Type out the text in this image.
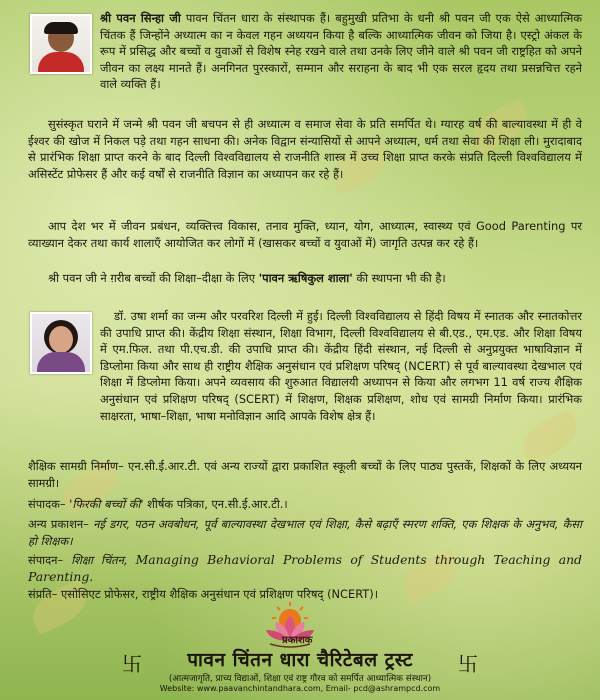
श्री पवन सिन्हा जी पावन चिंतन धारा के संस्थापक हैं। बहुमुखी प्रतिभा के धनी श्री पवन जी एक ऐसे आध्यात्मिक चिंतक हैं जिन्होंने अध्यात्म का न केवल गहन अध्ययन किया है बल्कि आध्यात्मिक जीवन को जिया है। एस्ट्रो अंकल के रूप में प्रसिद्ध और बच्चों व युवाओं से विशेष स्नेह रखने वाले तथा उनके लिए जीने वाले श्री पवन जी राष्ट्रहित को अपने जीवन का लक्ष्य मानते हैं। अनगिनत पुरस्कारों, सम्मान और सराहना के बाद भी एक सरल हृदय तथा प्रसन्नचित्त रहने वाले व्यक्ति हैं।

सुसंस्कृत घराने में जन्मे श्री पवन जी बचपन से ही अध्यात्म व समाज सेवा के प्रति समर्पित थे। ग्यारह वर्ष की बाल्यावस्था में ही वे ईश्वर की खोज में निकल पड़े तथा गहन साधना की। अनेक विद्वान संन्यासियों से आपने अध्यात्म, धर्म तथा सेवा की शिक्षा ली। मुरादाबाद से प्रारंभिक शिक्षा प्राप्त करने के बाद दिल्ली विश्वविद्यालय से राजनीति शास्त्र में उच्च शिक्षा प्राप्त करके संप्रति दिल्ली विश्वविद्यालय में असिस्टेंट प्रोफेसर हैं और कई वर्षों से राजनीति विज्ञान का अध्यापन कर रहे हैं।

आप देश भर में जीवन प्रबंधन, व्यक्तित्त्व विकास, तनाव मुक्ति, ध्यान, योग, आध्यात्म, स्वास्थ्य एवं Good Parenting पर व्याख्यान देकर तथा कार्य शालाएँ आयोजित कर लोगों में (खासकर बच्चों व युवाओं में) जागृति उत्पन्न कर रहे हैं।

श्री पवन जी ने ग़रीब बच्चों की शिक्षा–दीक्षा के लिए 'पावन ऋषिकुल शाला' की स्थापना भी की है।

डॉ. उषा शर्मा का जन्म और परवरिश दिल्ली में हुई। दिल्ली विश्वविद्यालय से हिंदी विषय में स्नातक और स्नातकोत्तर की उपाधि प्राप्त की। केंद्रीय शिक्षा संस्थान, शिक्षा विभाग, दिल्ली विश्वविद्यालय से बी.एड., एम.एड. और शिक्षा विषय में एम.फिल. तथा पी.एच.डी. की उपाधि प्राप्त की। केंद्रीय हिंदी संस्थान, नई दिल्ली से अनुप्रयुक्त भाषाविज्ञान में डिप्लोमा किया और साथ ही राष्ट्रीय शैक्षिक अनुसंधान एवं प्रशिक्षण परिषद् (NCERT) से पूर्व बाल्यावस्था देखभाल एवं शिक्षा में डिप्लोमा किया। अपने व्यवसाय की शुरुआत विद्यालयी अध्यापन से किया और लगभग 11 वर्ष राज्य शैक्षिक अनुसंधान एवं प्रशिक्षण परिषद् (SCERT) में शिक्षण, शिक्षक प्रशिक्षण, शोध एवं सामग्री निर्माण किया। प्रारंभिक साक्षरता, भाषा–शिक्षा, भाषा मनोविज्ञान आदि आपके विशेष क्षेत्र हैं।

शैक्षिक सामग्री निर्माण– एन.सी.ई.आर.टी. एवं अन्य राज्यों द्वारा प्रकाशित स्कूली बच्चों के लिए पाठ्य पुस्तकें, शिक्षकों के लिए अध्ययन सामग्री।

संपादक– 'फिरकी बच्चों की' शीर्षक पत्रिका, एन.सी.ई.आर.टी.।

अन्य प्रकाशन– नई डगर, पठन अवबोधन, पूर्व बाल्यावस्था देखभाल एवं शिक्षा, कैसे बढ़ाएँ स्मरण शक्ति, एक शिक्षक के अनुभव, कैसा हो शिक्षक।

संपादन– शिक्षा चिंतन, Managing Behavioral Problems of Students through Teaching and Parenting.

संप्रति– एसोसिएट प्रोफेसर, राष्ट्रीय शैक्षिक अनुसंधान एवं प्रशिक्षण परिषद् (NCERT)।

प्रकाशक
卐	पावन चिंतन धारा चैरिटेबल ट्रस्ट	卐
(आत्मजागृति, प्राच्य विद्याओं, शिक्षा एवं राष्ट्र गौरव को समर्पित आध्यात्मिक संस्थान)
Website: www.paavanchintandhara.com, Email- pcd@ashrampcd.com
